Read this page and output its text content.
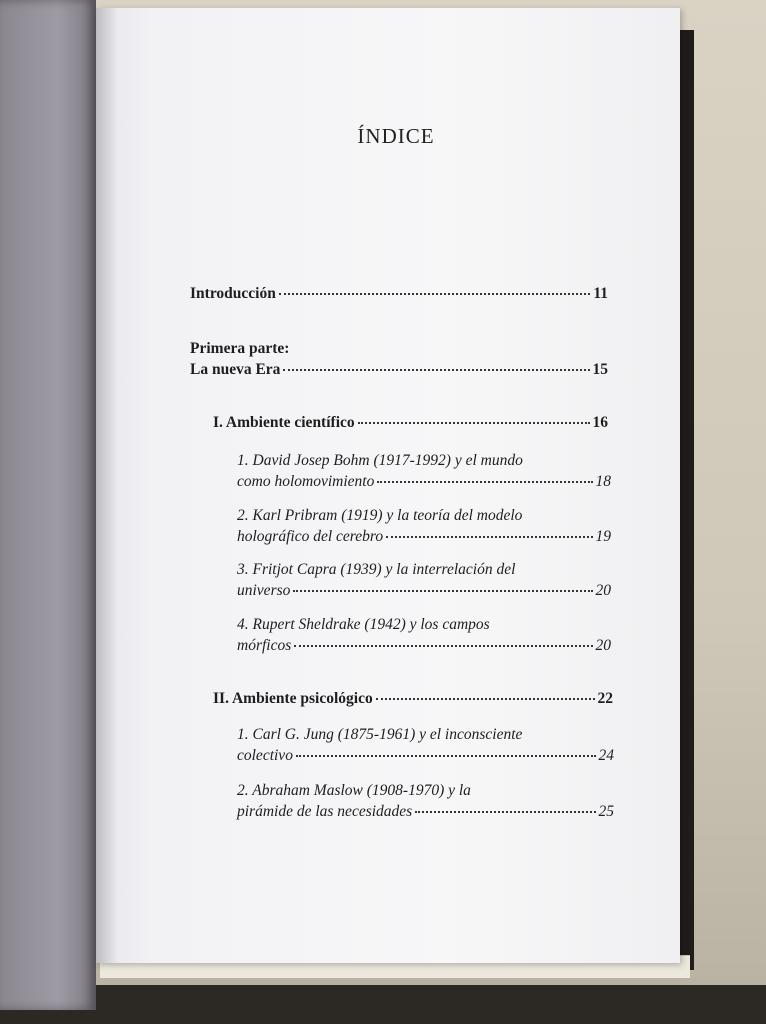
ÍNDICE
Introducción	11
Primera parte:
La nueva Era	15
I. Ambiente científico	16
1. David Josep Bohm (1917-1992) y el mundo
como holomovimiento	18
2. Karl Pribram (1919) y la teoría del modelo
holográfico del cerebro	19
3. Fritjot Capra (1939) y la interrelación del
universo	20
4. Rupert Sheldrake (1942) y los campos
mórficos	20
II. Ambiente psicológico	22
1. Carl G. Jung (1875-1961) y el inconsciente
colectivo	24
2. Abraham Maslow (1908-1970) y la
pirámide de las necesidades	25
